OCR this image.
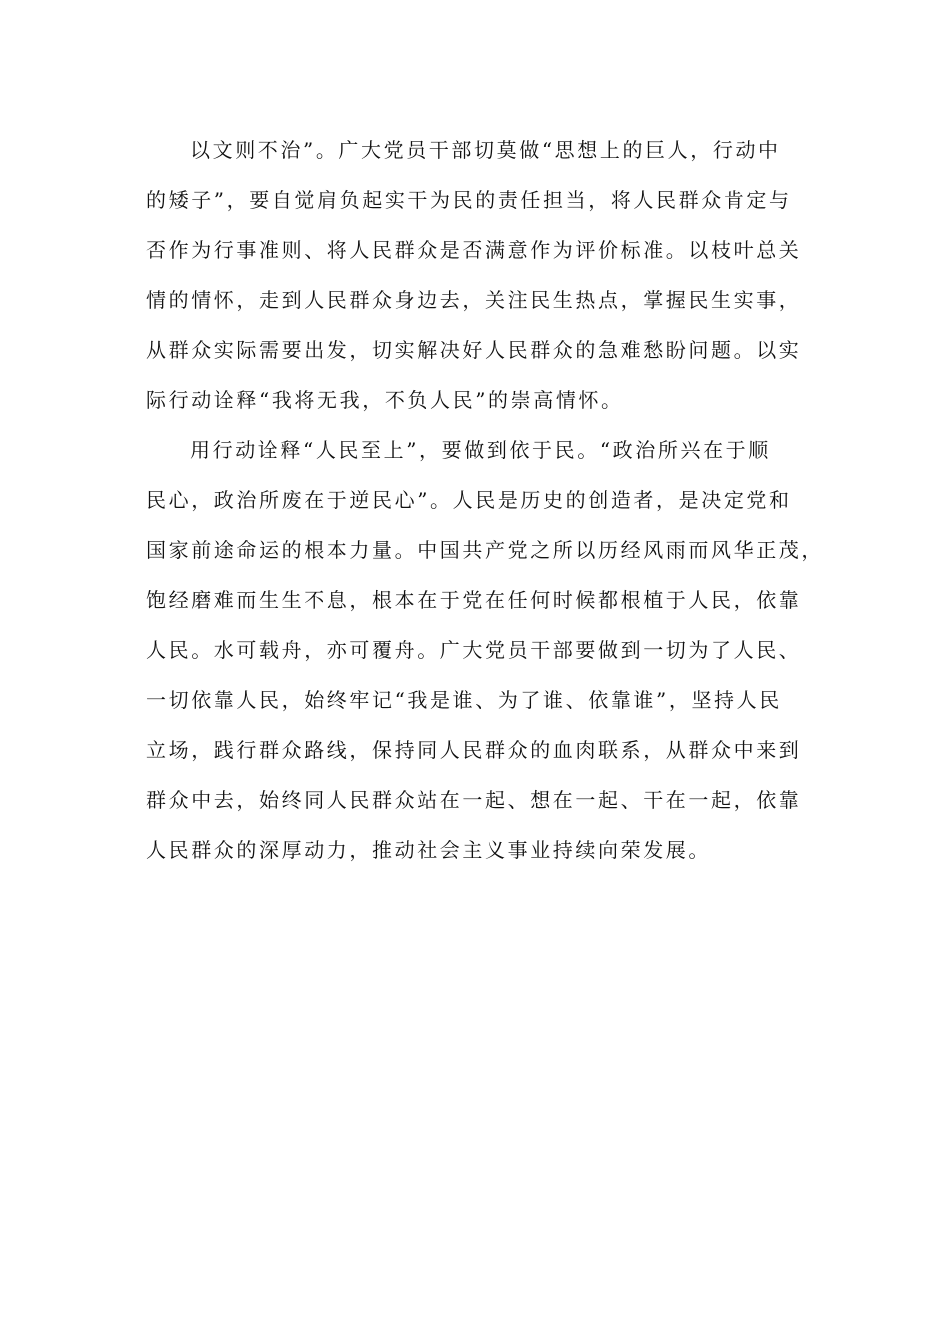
以文则不治”。广大党员干部切莫做“思想上的巨人，行动中
的矮子”，要自觉肩负起实干为民的责任担当，将人民群众肯定与
否作为行事准则、将人民群众是否满意作为评价标准。以枝叶总关
情的情怀，走到人民群众身边去，关注民生热点，掌握民生实事，
从群众实际需要出发，切实解决好人民群众的急难愁盼问题。以实
际行动诠释“我将无我，不负人民”的崇高情怀。
用行动诠释“人民至上”，要做到依于民。“政治所兴在于顺
民心，政治所废在于逆民心”。人民是历史的创造者，是决定党和
国家前途命运的根本力量。中国共产党之所以历经风雨而风华正茂，
饱经磨难而生生不息，根本在于党在任何时候都根植于人民，依靠
人民。水可载舟，亦可覆舟。广大党员干部要做到一切为了人民、
一切依靠人民，始终牢记“我是谁、为了谁、依靠谁”，坚持人民
立场，践行群众路线，保持同人民群众的血肉联系，从群众中来到
群众中去，始终同人民群众站在一起、想在一起、干在一起，依靠
人民群众的深厚动力，推动社会主义事业持续向荣发展。
